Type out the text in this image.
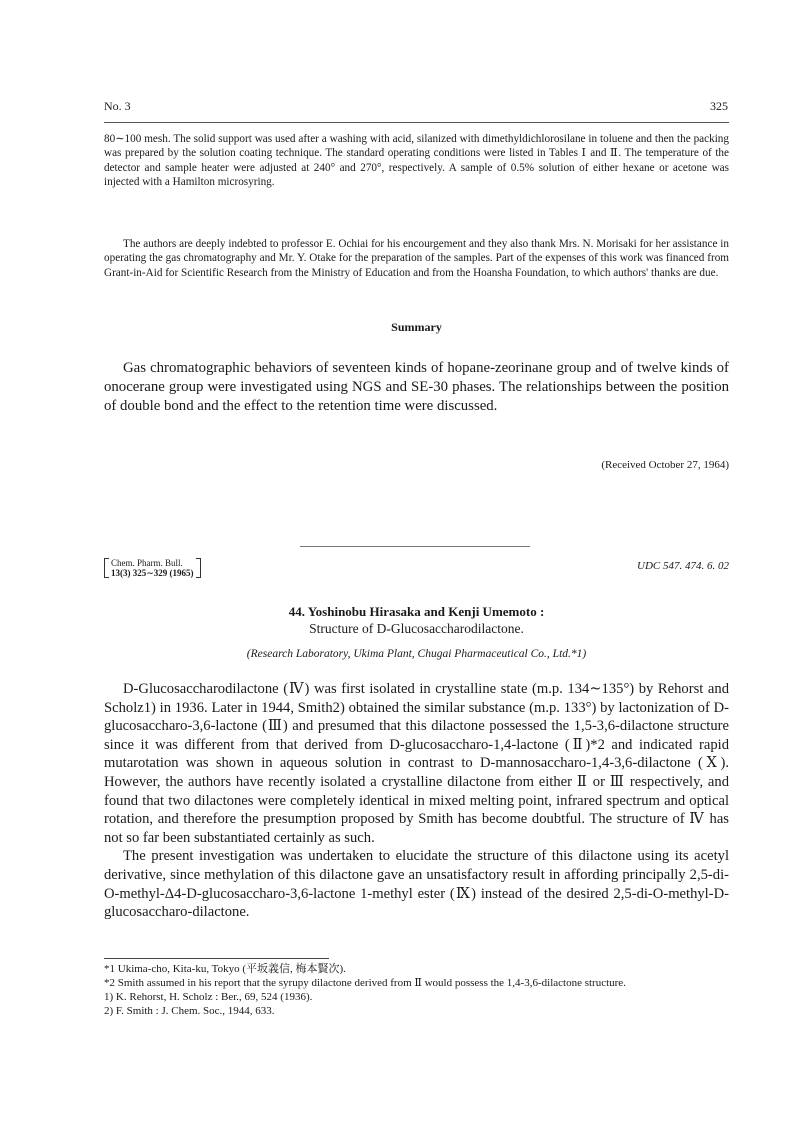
No. 3	325

80∼100 mesh. The solid support was used after a washing with acid, silanized with dimethyldichlorosilane in toluene and then the packing was prepared by the solution coating technique. The standard operating conditions were listed in Tables Ⅰ and Ⅱ. The temperature of the detector and sample heater were adjusted at 240° and 270°, respectively. A sample of 0.5% solution of either hexane or acetone was injected with a Hamilton microsyring.

The authors are deeply indebted to professor E. Ochiai for his encourgement and they also thank Mrs. N. Morisaki for her assistance in operating the gas chromatography and Mr. Y. Otake for the preparation of the samples. Part of the expenses of this work was financed from Grant-in-Aid for Scientific Research from the Ministry of Education and from the Hoansha Foundation, to which authors' thanks are due.

Summary

Gas chromatographic behaviors of seventeen kinds of hopane-zeorinane group and of twelve kinds of onocerane group were investigated using NGS and SE-30 phases. The relationships between the position of double bond and the effect to the retention time were discussed.

(Received October 27, 1964)
Chem. Pharm. Bull.
13(3) 325∼329 (1965)
UDC 547. 474. 6. 02
44. Yoshinobu Hirasaka and Kenji Umemoto :
Structure of D-Glucosaccharodilactone.
(Research Laboratory, Ukima Plant, Chugai Pharmaceutical Co., Ltd.*1)

D-Glucosaccharodilactone (Ⅳ) was first isolated in crystalline state (m.p. 134∼135°) by Rehorst and Scholz1) in 1936. Later in 1944, Smith2) obtained the similar substance (m.p. 133°) by lactonization of D-glucosaccharo-3,6-lactone (Ⅲ) and presumed that this dilactone possessed the 1,5-3,6-dilactone structure since it was different from that derived from D-glucosaccharo-1,4-lactone (Ⅱ)*2 and indicated rapid mutarotation was shown in aqueous solution in contrast to D-mannosaccharo-1,4-3,6-dilactone (Ⅹ). However, the authors have recently isolated a crystalline dilactone from either Ⅱ or Ⅲ respectively, and found that two dilactones were completely identical in mixed melting point, infrared spectrum and optical rotation, and therefore the presumption proposed by Smith has become doubtful. The structure of Ⅳ has not so far been substantiated certainly as such.

The present investigation was undertaken to elucidate the structure of this dilactone using its acetyl derivative, since methylation of this dilactone gave an unsatisfactory result in affording principally 2,5-di-O-methyl-Δ4-D-glucosaccharo-3,6-lactone 1-methyl ester (Ⅸ) instead of the desired 2,5-di-O-methyl-D-glucosaccharo-dilactone.

*1 Ukima-cho, Kita-ku, Tokyo (平坂義信, 梅本賢次).
*2 Smith assumed in his report that the syrupy dilactone derived from Ⅱ would possess the 1,4-3,6-dilactone structure.
1) K. Rehorst, H. Scholz : Ber., 69, 524 (1936).
2) F. Smith : J. Chem. Soc., 1944, 633.
